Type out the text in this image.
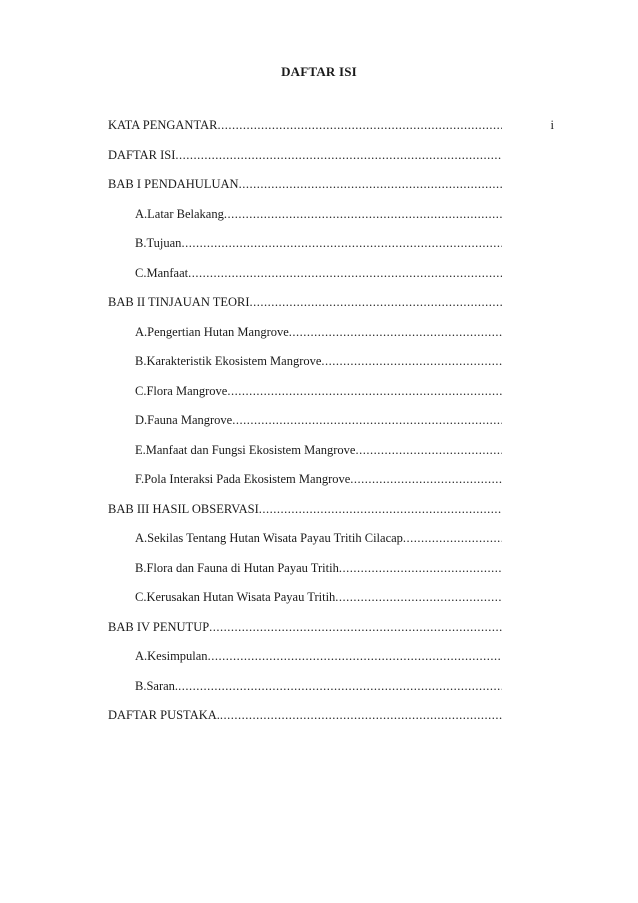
DAFTAR ISI
KATA PENGANTAR
.....	i
DAFTAR ISI
.....
BAB I PENDAHULUAN
.....
A.Latar Belakang
.....
B.Tujuan
.....
C.Manfaat
.....
BAB II TINJAUAN TEORI
.....
A.Pengertian Hutan Mangrove
.....
B.Karakteristik Ekosistem Mangrove
.....
C.Flora Mangrove
.....
D.Fauna Mangrove
.....
E.Manfaat dan Fungsi Ekosistem Mangrove
.....
F.Pola Interaksi Pada Ekosistem Mangrove
.....
BAB III HASIL OBSERVASI
.....
A.Sekilas Tentang Hutan Wisata Payau Tritih Cilacap
.....
B.Flora dan Fauna di Hutan Payau Tritih
.....
C.Kerusakan Hutan Wisata Payau Tritih
.....
BAB IV PENUTUP
.....
A.Kesimpulan
.....
B.Saran.
.....
DAFTAR PUSTAKA.
.....
